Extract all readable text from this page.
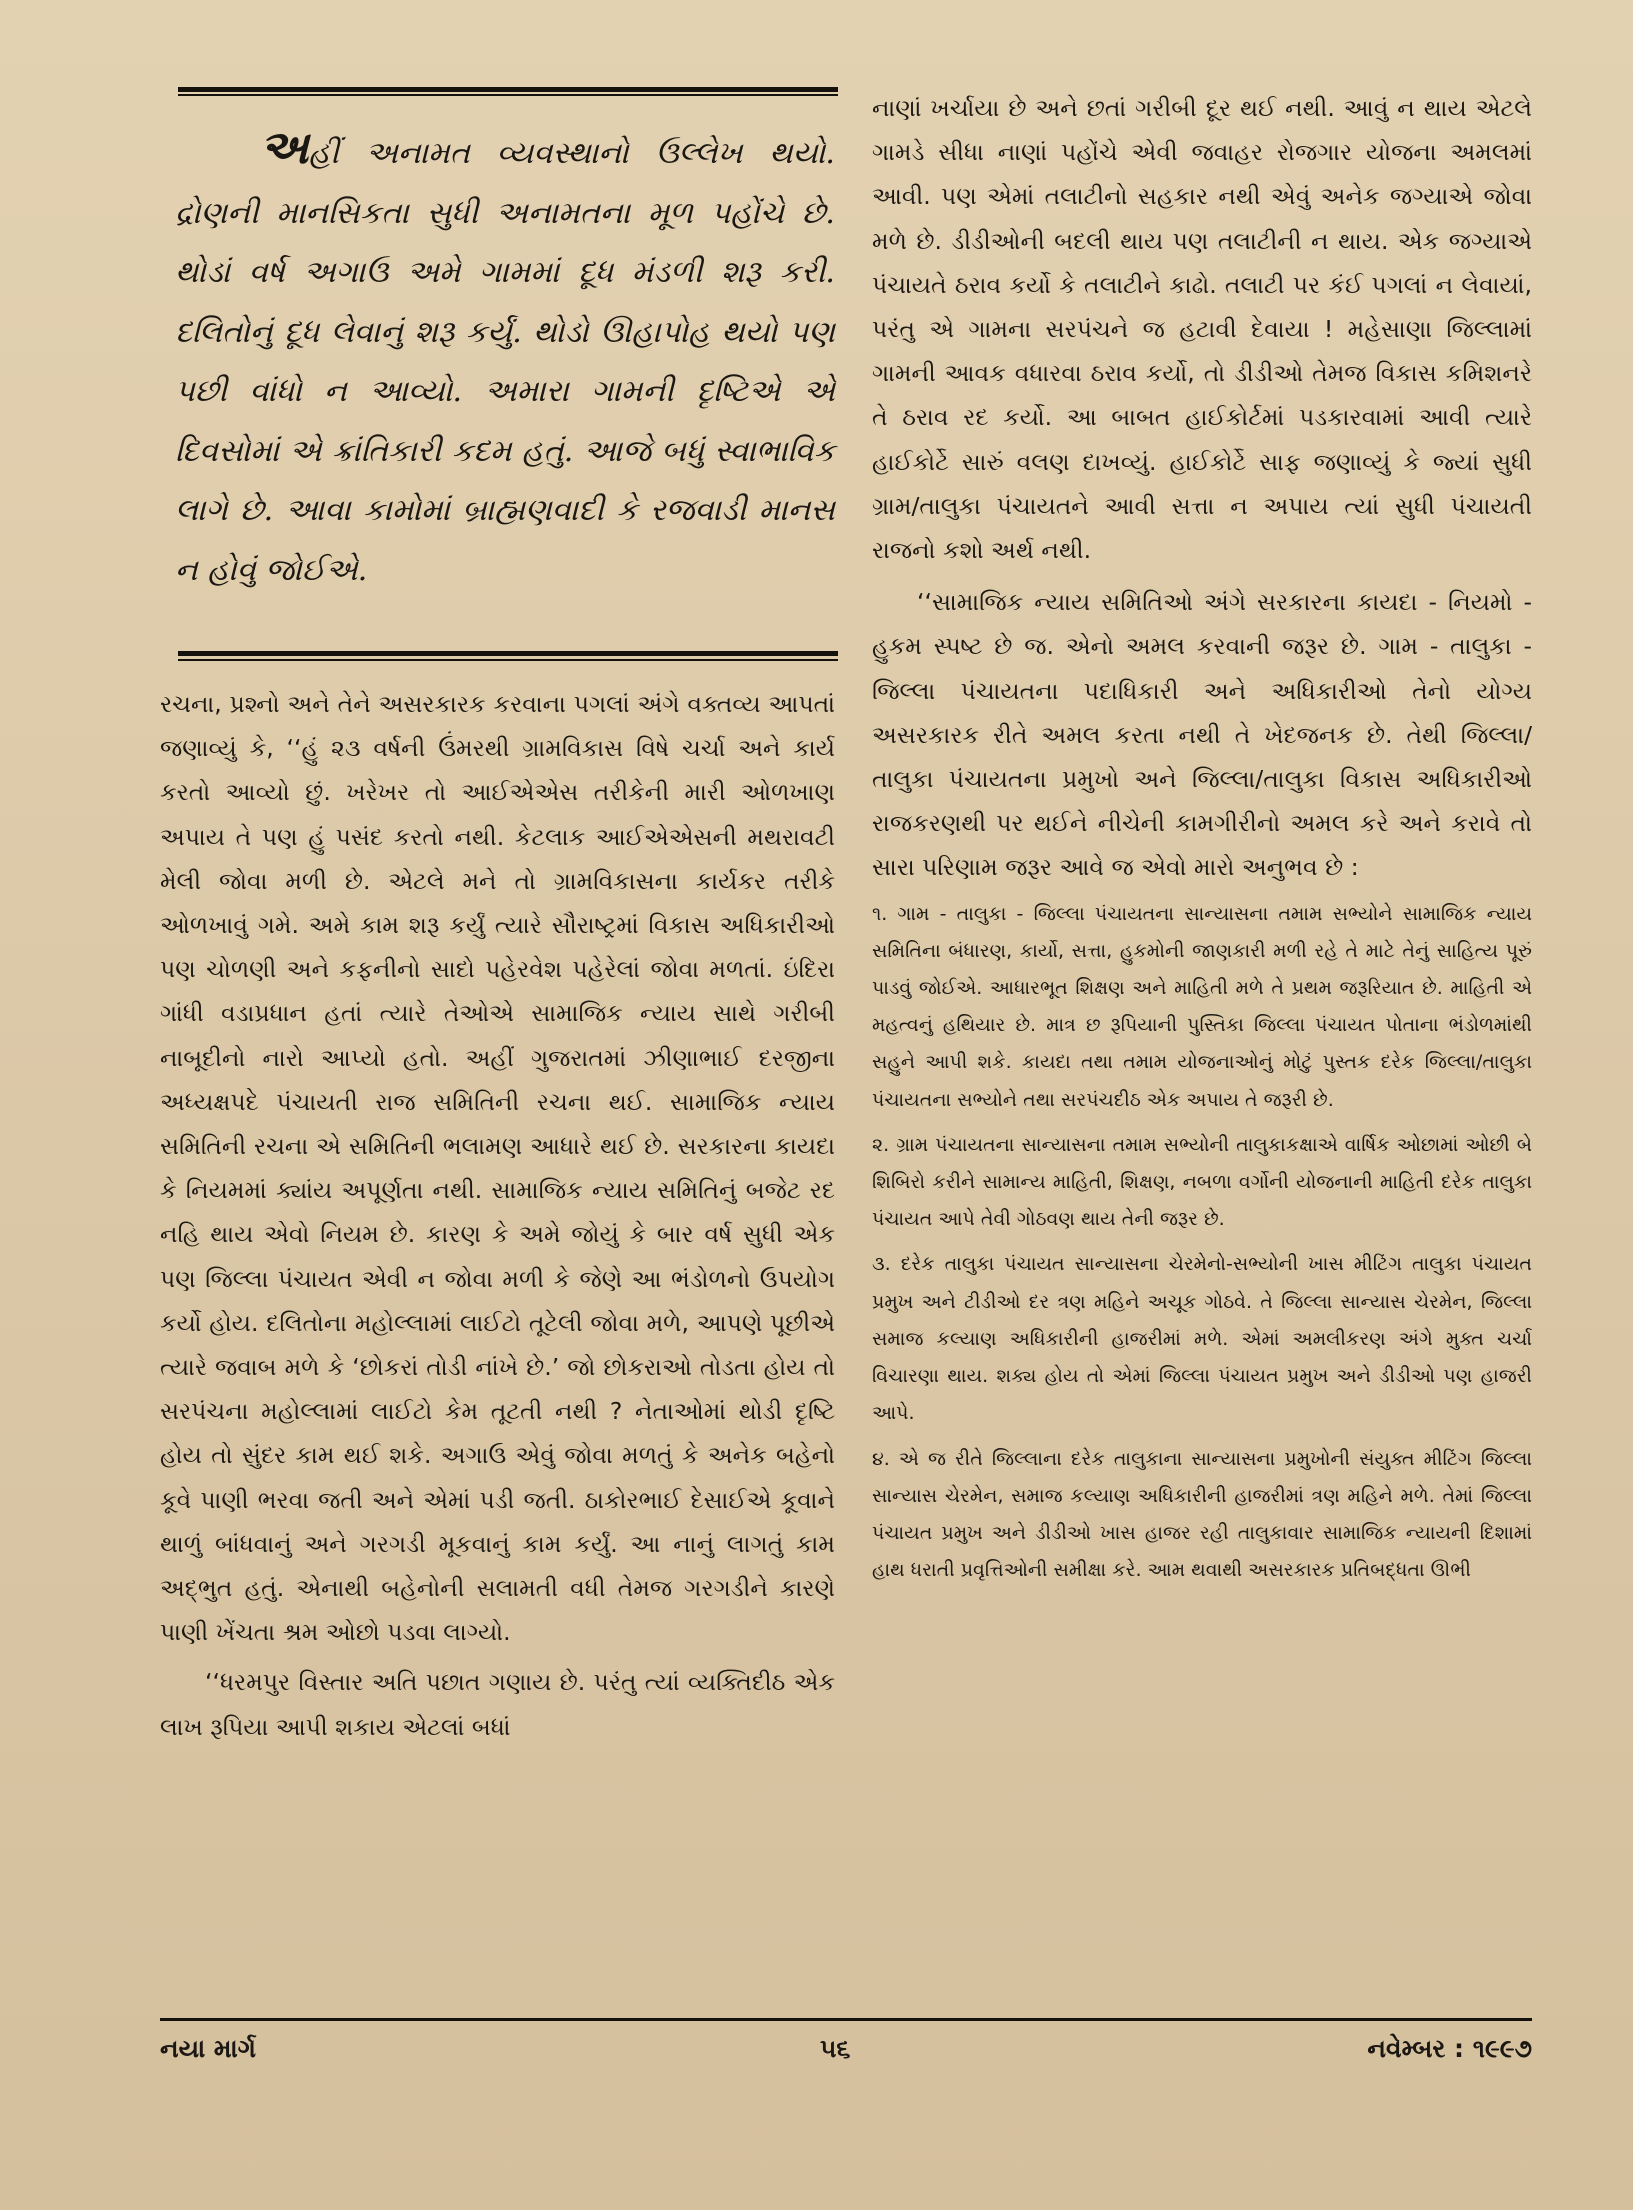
અહીં અનામત વ્યવસ્થાનો ઉલ્લેખ થયો. દ્રોણની માનસિકતા સુધી અનામતના મૂળ પહોંચે છે. થોડાં વર્ષ અગાઉ અમે ગામમાં દૂધ મંડળી શરૂ કરી. દલિતોનું દૂધ લેવાનું શરૂ કર્યું. થોડો ઊહાપોહ થયો પણ પછી વાંધો ન આવ્યો. અમારા ગામની દૃષ્ટિએ એ દિવસોમાં એ ક્રાંતિકારી કદમ હતું. આજે બધું સ્વાભાવિક લાગે છે. આવા કામોમાં બ્રાહ્મણવાદી કે રજવાડી માનસ ન હોવું જોઈએ.

રચના, પ્રશ્નો અને તેને અસરકારક કરવાના પગલાં અંગે વક્તવ્ય આપતાં જણાવ્યું કે, ‘‘હું ૨૩ વર્ષની ઉંમરથી ગ્રામવિકાસ વિષે ચર્ચા અને કાર્ય કરતો આવ્યો છું. ખરેખર તો આઈએએસ તરીકેની મારી ઓળખાણ અપાય તે પણ હું પસંદ કરતો નથી. કેટલાક આઈએએસની મથરાવટી મેલી જોવા મળી છે. એટલે મને તો ગ્રામવિકાસના કાર્યકર તરીકે ઓળખાવું ગમે. અમે કામ શરૂ કર્યું ત્યારે સૌરાષ્ટ્રમાં વિકાસ અધિકારીઓ પણ ચોળણી અને કફનીનો સાદો પહેરવેશ પહેરેલાં જોવા મળતાં. ઇંદિરા ગાંધી વડાપ્રધાન હતાં ત્યારે તેઓએ સામાજિક ન્યાય સાથે ગરીબી નાબૂદીનો નારો આપ્યો હતો. અહીં ગુજરાતમાં ઝીણાભાઈ દરજીના અધ્યક્ષપદે પંચાયતી રાજ સમિતિની રચના થઈ. સામાજિક ન્યાય સમિતિની રચના એ સમિતિની ભલામણ આધારે થઈ છે. સરકારના કાયદા કે નિયમમાં ક્યાંય અપૂર્ણતા નથી. સામાજિક ન્યાય સમિતિનું બજેટ રદ નહિ થાય એવો નિયમ છે. કારણ કે અમે જોયું કે બાર વર્ષ સુધી એક પણ જિલ્લા પંચાયત એવી ન જોવા મળી કે જેણે આ ભંડોળનો ઉપયોગ કર્યો હોય. દલિતોના મહોલ્લામાં લાઈટો તૂટેલી જોવા મળે, આપણે પૂછીએ ત્યારે જવાબ મળે કે ‘છોકરાં તોડી નાંખે છે.’ જો છોકરાઓ તોડતા હોય તો સરપંચના મહોલ્લામાં લાઈટો કેમ તૂટતી નથી ? નેતાઓમાં થોડી દૃષ્ટિ હોય તો સુંદર કામ થઈ શકે. અગાઉ એવું જોવા મળતું કે અનેક બહેનો કૂવે પાણી ભરવા જતી અને એમાં પડી જતી. ઠાકોરભાઈ દેસાઈએ કૂવાને થાળું બાંધવાનું અને ગરગડી મૂકવાનું કામ કર્યું. આ નાનું લાગતું કામ અદ્ભુત હતું. એનાથી બહેનોની સલામતી વધી તેમજ ગરગડીને કારણે પાણી ખેંચતા શ્રમ ઓછો પડવા લાગ્યો.

‘‘ધરમપુર વિસ્તાર અતિ પછાત ગણાય છે. પરંતુ ત્યાં વ્યક્તિદીઠ એક લાખ રૂપિયા આપી શકાય એટલાં બધાં

નાણાં ખર્ચાયા છે અને છતાં ગરીબી દૂર થઈ નથી. આવું ન થાય એટલે ગામડે સીધા નાણાં પહોંચે એવી જવાહર રોજગાર યોજના અમલમાં આવી. પણ એમાં તલાટીનો સહકાર નથી એવું અનેક જગ્યાએ જોવા મળે છે. ડીડીઓની બદલી થાય પણ તલાટીની ન થાય. એક જગ્યાએ પંચાયતે ઠરાવ કર્યો કે તલાટીને કાઢો. તલાટી પર કંઈ પગલાં ન લેવાયાં, પરંતુ એ ગામના સરપંચને જ હટાવી દેવાયા ! મહેસાણા જિલ્લામાં ગામની આવક વધારવા ઠરાવ કર્યો, તો ડીડીઓ તેમજ વિકાસ કમિશનરે તે ઠરાવ રદ કર્યો. આ બાબત હાઈકોર્ટમાં પડકારવામાં આવી ત્યારે હાઈકોર્ટે સારું વલણ દાખવ્યું. હાઈકોર્ટે સાફ જણાવ્યું કે જ્યાં સુધી ગ્રામ/તાલુકા પંચાયતને આવી સત્તા ન અપાય ત્યાં સુધી પંચાયતી રાજનો કશો અર્થ નથી.

‘‘સામાજિક ન્યાય સમિતિઓ અંગે સરકારના કાયદા - નિયમો - હુકમ સ્પષ્ટ છે જ. એનો અમલ કરવાની જરૂર છે. ગામ - તાલુકા - જિલ્લા પંચાયતના પદાધિકારી અને અધિકારીઓ તેનો યોગ્ય અસરકારક રીતે અમલ કરતા નથી તે ખેદજનક છે. તેથી જિલ્લા/તાલુકા પંચાયતના પ્રમુખો અને જિલ્લા/તાલુકા વિકાસ અધિકારીઓ રાજકરણથી પર થઈને નીચેની કામગીરીનો અમલ કરે અને કરાવે તો સારા પરિણામ જરૂર આવે જ એવો મારો અનુભવ છે :

૧. ગામ - તાલુકા - જિલ્લા પંચાયતના સાન્યાસના તમામ સભ્યોને સામાજિક ન્યાય સમિતિના બંધારણ, કાર્યો, સત્તા, હુકમોની જાણકારી મળી રહે તે માટે તેનું સાહિત્ય પૂરું પાડવું જોઈએ. આધારભૂત શિક્ષણ અને માહિતી મળે તે પ્રથમ જરૂરિયાત છે. માહિતી એ મહત્વનું હથિયાર છે. માત્ર છ રૂપિયાની પુસ્તિકા જિલ્લા પંચાયત પોતાના ભંડોળમાંથી સહુને આપી શકે. કાયદા તથા તમામ યોજનાઓનું મોટું પુસ્તક દરેક જિલ્લા/તાલુકા પંચાયતના સભ્યોને તથા સરપંચદીઠ એક અપાય તે જરૂરી છે.

૨. ગ્રામ પંચાયતના સાન્યાસના તમામ સભ્યોની તાલુકાકક્ષાએ વાર્ષિક ઓછામાં ઓછી બે શિબિરો કરીને સામાન્ય માહિતી, શિક્ષણ, નબળા વર્ગોની યોજનાની માહિતી દરેક તાલુકા પંચાયત આપે તેવી ગોઠવણ થાય તેની જરૂર છે.

૩. દરેક તાલુકા પંચાયત સાન્યાસના ચેરમેનો-સભ્યોની ખાસ મીટિંગ તાલુકા પંચાયત પ્રમુખ અને ટીડીઓ દર ત્રણ મહિને અચૂક ગોઠવે. તે જિલ્લા સાન્યાસ ચેરમેન, જિલ્લા સમાજ કલ્યાણ અધિકારીની હાજરીમાં મળે. એમાં અમલીકરણ અંગે મુક્ત ચર્ચા વિચારણા થાય. શક્ય હોય તો એમાં જિલ્લા પંચાયત પ્રમુખ અને ડીડીઓ પણ હાજરી આપે.

૪. એ જ રીતે જિલ્લાના દરેક તાલુકાના સાન્યાસના પ્રમુખોની સંયુક્ત મીટિંગ જિલ્લા સાન્યાસ ચેરમેન, સમાજ કલ્યાણ અધિકારીની હાજરીમાં ત્રણ મહિને મળે. તેમાં જિલ્લા પંચાયત પ્રમુખ અને ડીડીઓ ખાસ હાજર રહી તાલુકાવાર સામાજિક ન્યાયની દિશામાં હાથ ધરાતી પ્રવૃત્તિઓની સમીક્ષા કરે. આમ થવાથી અસરકારક પ્રતિબદ્ધતા ઊભી

નયા માર્ગ	૫૬	નવેમ્બર : ૧૯૯૭
